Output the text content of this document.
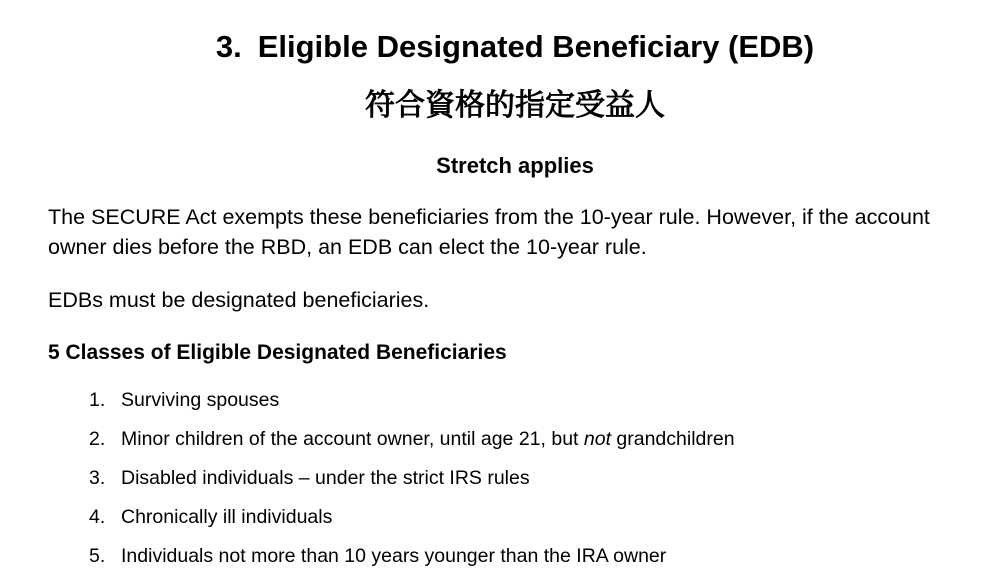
3. Eligible Designated Beneficiary (EDB)
符合資格的指定受益人
Stretch applies

The SECURE Act exempts these beneficiaries from the 10-year rule. However, if the account owner dies before the RBD, an EDB can elect the 10-year rule.

EDBs must be designated beneficiaries.

5 Classes of Eligible Designated Beneficiaries
1. Surviving spouses
2. Minor children of the account owner, until age 21, but not grandchildren
3. Disabled individuals – under the strict IRS rules
4. Chronically ill individuals
5. Individuals not more than 10 years younger than the IRA owner
